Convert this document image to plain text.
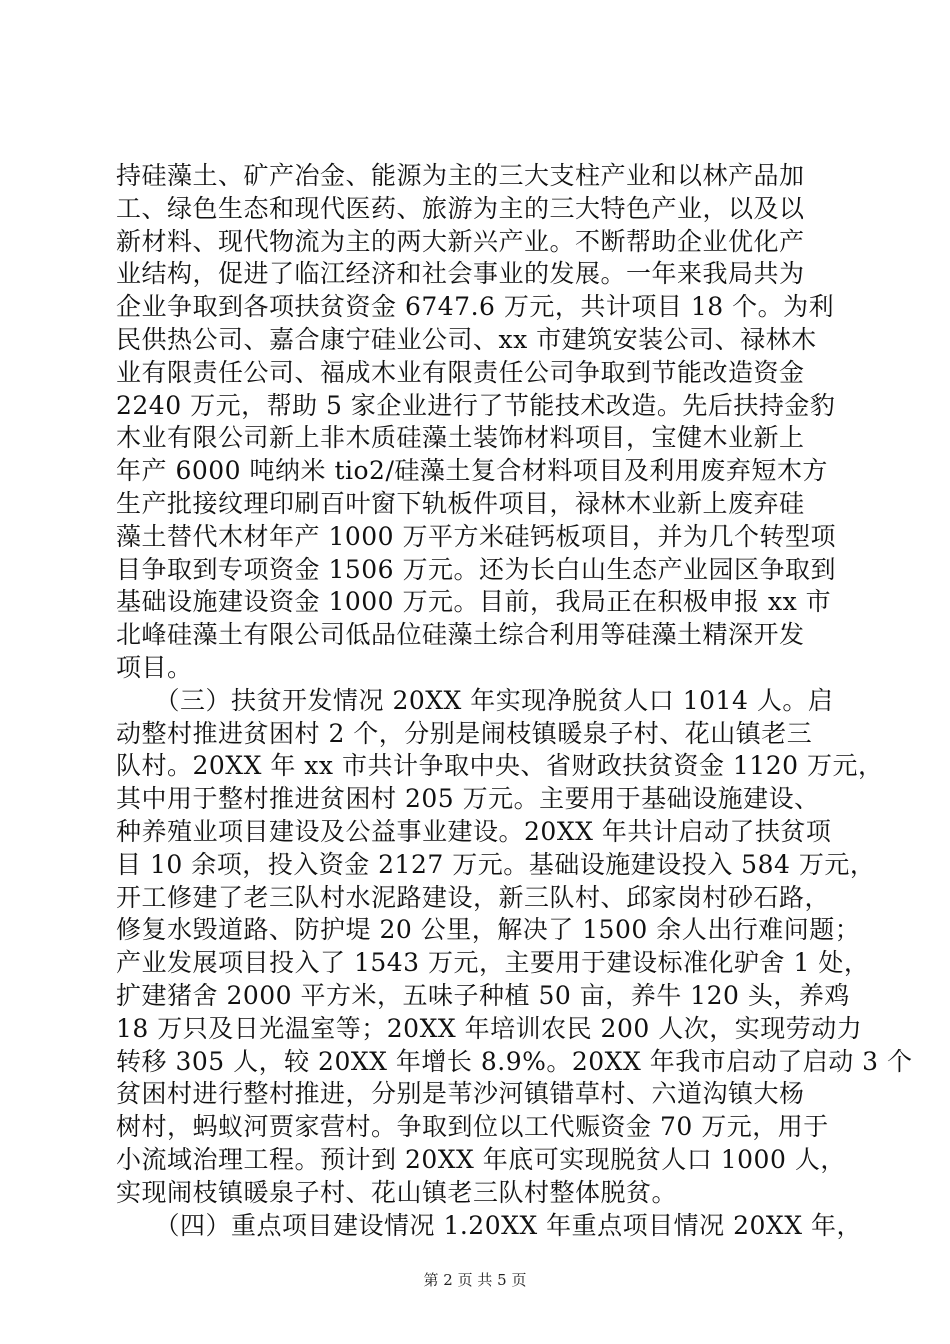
持硅藻土、矿产冶金、能源为主的三大支柱产业和以林产品加
工、绿色生态和现代医药、旅游为主的三大特色产业，以及以
新材料、现代物流为主的两大新兴产业。不断帮助企业优化产
业结构，促进了临江经济和社会事业的发展。一年来我局共为
企业争取到各项扶贫资金 6747.6 万元，共计项目 18 个。为利
民供热公司、嘉合康宁硅业公司、xx 市建筑安装公司、禄林木
业有限责任公司、福成木业有限责任公司争取到节能改造资金
2240 万元，帮助 5 家企业进行了节能技术改造。先后扶持金豹
木业有限公司新上非木质硅藻土装饰材料项目，宝健木业新上
年产 6000 吨纳米 tio2/硅藻土复合材料项目及利用废弃短木方
生产批接纹理印刷百叶窗下轨板件项目，禄林木业新上废弃硅
藻土替代木材年产 1000 万平方米硅钙板项目，并为几个转型项
目争取到专项资金 1506 万元。还为长白山生态产业园区争取到
基础设施建设资金 1000 万元。目前，我局正在积极申报 xx 市
北峰硅藻土有限公司低品位硅藻土综合利用等硅藻土精深开发
项目。
　　（三）扶贫开发情况 20XX 年实现净脱贫人口 1014 人。启
动整村推进贫困村 2 个，分别是闹枝镇暖泉子村、花山镇老三
队村。20XX 年 xx 市共计争取中央、省财政扶贫资金 1120 万元，
其中用于整村推进贫困村 205 万元。主要用于基础设施建设、
种养殖业项目建设及公益事业建设。20XX 年共计启动了扶贫项
目 10 余项，投入资金 2127 万元。基础设施建设投入 584 万元，
开工修建了老三队村水泥路建设，新三队村、邱家岗村砂石路，
修复水毁道路、防护堤 20 公里，解决了 1500 余人出行难问题；
产业发展项目投入了 1543 万元，主要用于建设标准化驴舍 1 处，
扩建猪舍 2000 平方米，五味子种植 50 亩，养牛 120 头，养鸡
18 万只及日光温室等；20XX 年培训农民 200 人次，实现劳动力
转移 305 人，较 20XX 年增长 8.9%。20XX 年我市启动了启动 3 个
贫困村进行整村推进，分别是苇沙河镇错草村、六道沟镇大杨
树村，蚂蚁河贾家营村。争取到位以工代赈资金 70 万元，用于
小流域治理工程。预计到 20XX 年底可实现脱贫人口 1000 人，
实现闹枝镇暖泉子村、花山镇老三队村整体脱贫。
　　（四）重点项目建设情况 1.20XX 年重点项目情况 20XX 年，
第 2 页 共 5 页
